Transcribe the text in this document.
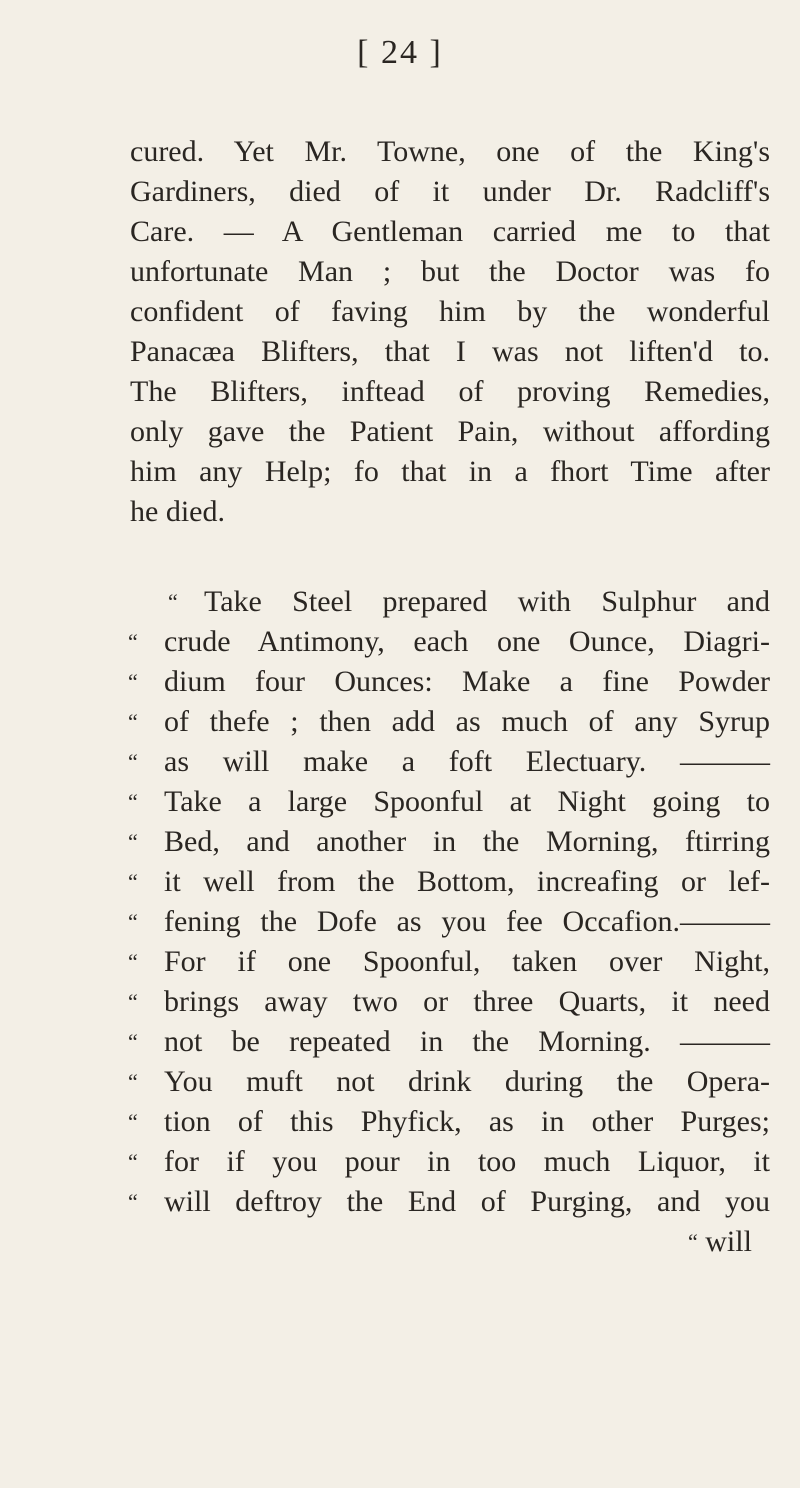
[ 24 ]
cured. Yet Mr. Towne, one of the King's
Gardiners, died of it under Dr. Radcliff's
Care. — A Gentleman carried me to that
unfortunate Man ; but the Doctor was fo
confident of faving him by the wonderful
Panacæa Blifters, that I was not liften'd to.
The Blifters, inftead of proving Remedies,
only gave the Patient Pain, without affording
him any Help; fo that in a fhort Time after
he died.
“ Take Steel prepared with Sulphur and
“ crude Antimony, each one Ounce, Diagri-
“ dium four Ounces: Make a fine Powder
“ of thefe ; then add as much of any Syrup
“ as will make a foft Electuary. ———
“ Take a large Spoonful at Night going to
“ Bed, and another in the Morning, ftirring
“ it well from the Bottom, increafing or lef-
“ fening the Dofe as you fee Occafion.———
“ For if one Spoonful, taken over Night,
“ brings away two or three Quarts, it need
“ not be repeated in the Morning. ———
“ You muft not drink during the Opera-
“ tion of this Phyfick, as in other Purges;
“ for if you pour in too much Liquor, it
“ will deftroy the End of Purging, and you
“ will
